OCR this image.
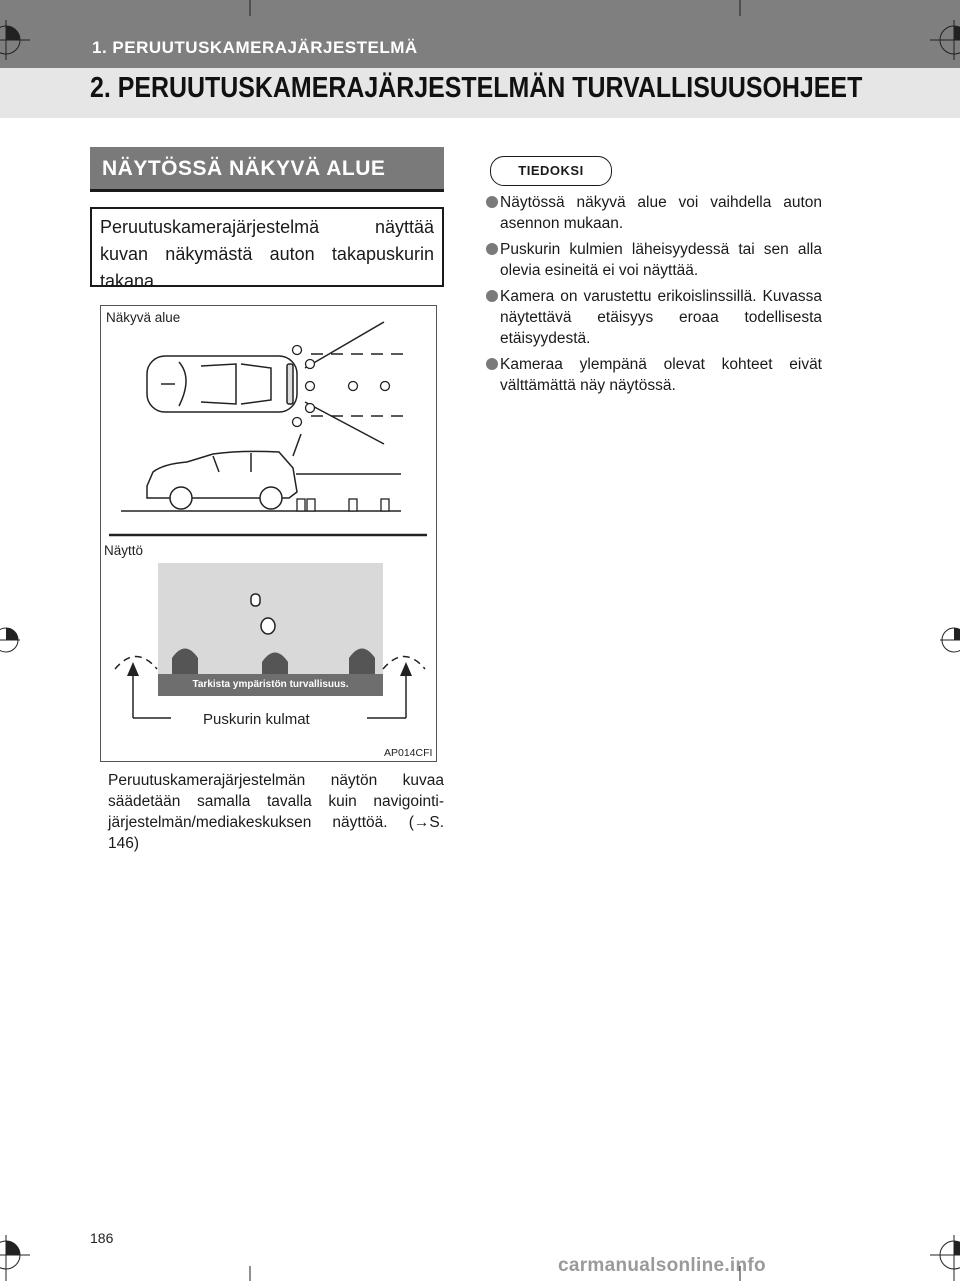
1. PERUUTUSKAMERAJÄRJESTELMÄ
2. PERUUTUSKAMERAJÄRJESTELMÄN TURVALLISUUSOHJEET
NÄYTÖSSÄ NÄKYVÄ ALUE
Peruutuskamerajärjestelmä näyttää kuvan näkymästä auton takapuskurin takana.
Näkyvä alue
Näyttö
Tarkista ympäristön turvallisuus.
Puskurin kulmat
AP014CFI
Peruutuskamerajärjestelmän näytön kuvaa säädetään samalla tavalla kuin navigointi-järjestelmän/mediakeskuksen näyttöä. (→S. 146)
TIEDOKSI
Näytössä näkyvä alue voi vaihdella auton asennon mukaan.
Puskurin kulmien läheisyydessä tai sen alla olevia esineitä ei voi näyttää.
Kamera on varustettu erikoislinssillä. Kuvassa näytettävä etäisyys eroaa todellisesta etäisyydestä.
Kameraa ylempänä olevat kohteet eivät välttämättä näy näytössä.
186
carmanualsonline.info
